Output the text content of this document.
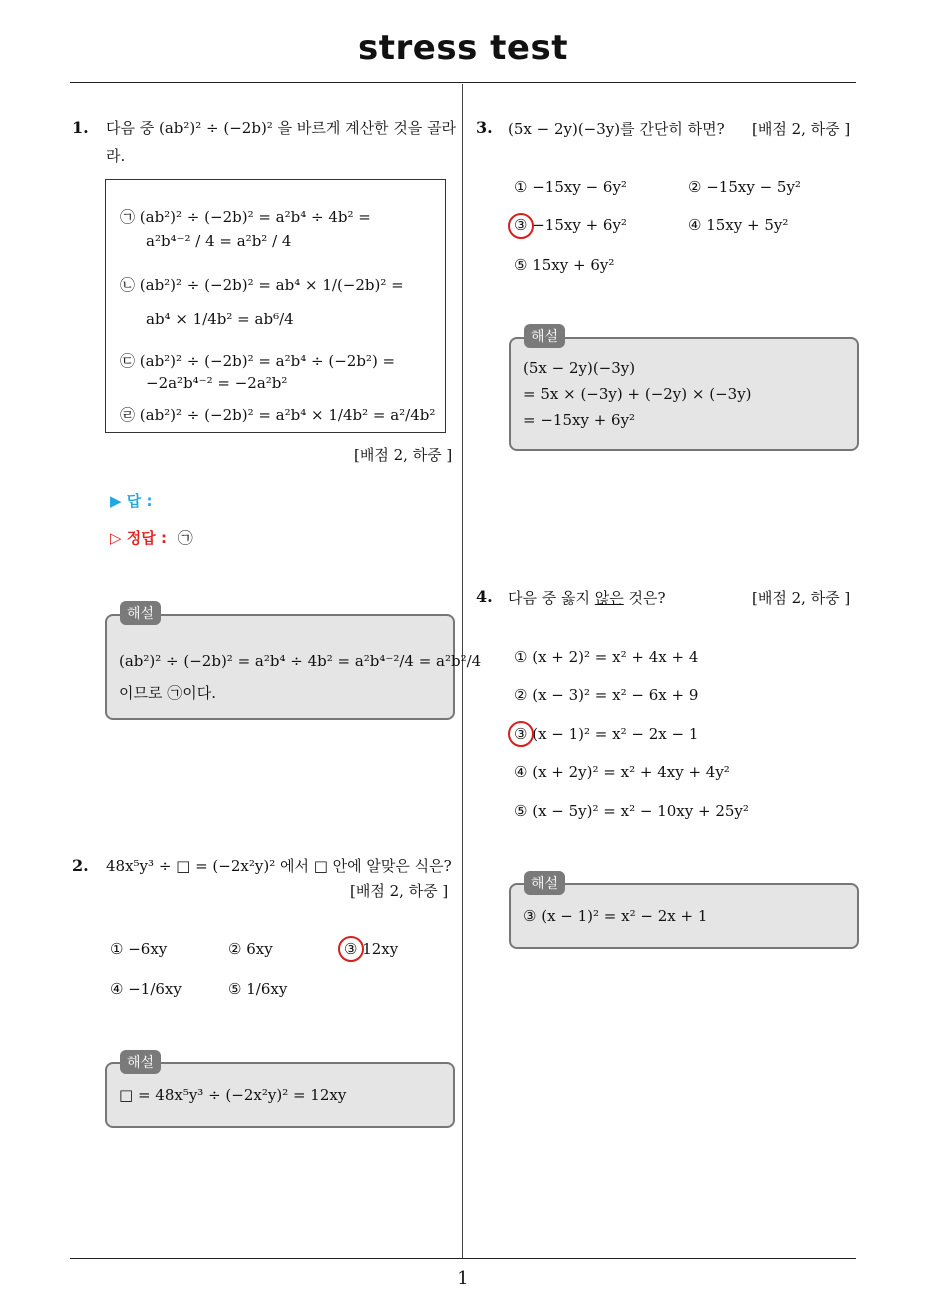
stress test
1. 다음 중 (ab²)² ÷ (−2b)² 을 바르게 계산한 것을 골라
라.
㉠ (ab²)² ÷ (−2b)² = a²b⁴ ÷ 4b² =
a²b⁴⁻² / 4 = a²b² / 4
㉡ (ab²)² ÷ (−2b)² = ab⁴ × 1/(−2b)² =
ab⁴ × 1/4b² = ab⁶/4
㉢ (ab²)² ÷ (−2b)² = a²b⁴ ÷ (−2b²) =
−2a²b⁴⁻² = −2a²b²
㉣ (ab²)² ÷ (−2b)² = a²b⁴ × 1/4b² = a²/4b²
[배점 2, 하중 ]
▶ 답 :
▷ 정답 : ㉠
(ab²)² ÷ (−2b)² = a²b⁴ ÷ 4b² = a²b⁴⁻²/4 = a²b²/4
이므로 ㉠이다.
해설
2. 48x⁵y³ ÷ □ = (−2x²y)² 에서 □ 안에 알맞은 식은?
[배점 2, 하중 ]
① −6xy	② 6xy	③ 12xy
④ −1/6xy	⑤ 1/6xy
□ = 48x⁵y³ ÷ (−2x²y)² = 12xy
해설
3. (5x − 2y)(−3y)를 간단히 하면? [배점 2, 하중 ]
① −15xy − 6y²	② −15xy − 5y²
③ −15xy + 6y²	④ 15xy + 5y²
⑤ 15xy + 6y²
(5x − 2y)(−3y)
= 5x × (−3y) + (−2y) × (−3y)
= −15xy + 6y²
해설
4. 다음 중 옳지 않은 것은?	[배점 2, 하중 ]
① (x + 2)² = x² + 4x + 4
② (x − 3)² = x² − 6x + 9
③ (x − 1)² = x² − 2x − 1
④ (x + 2y)² = x² + 4xy + 4y²
⑤ (x − 5y)² = x² − 10xy + 25y²
③ (x − 1)² = x² − 2x + 1
해설
1
